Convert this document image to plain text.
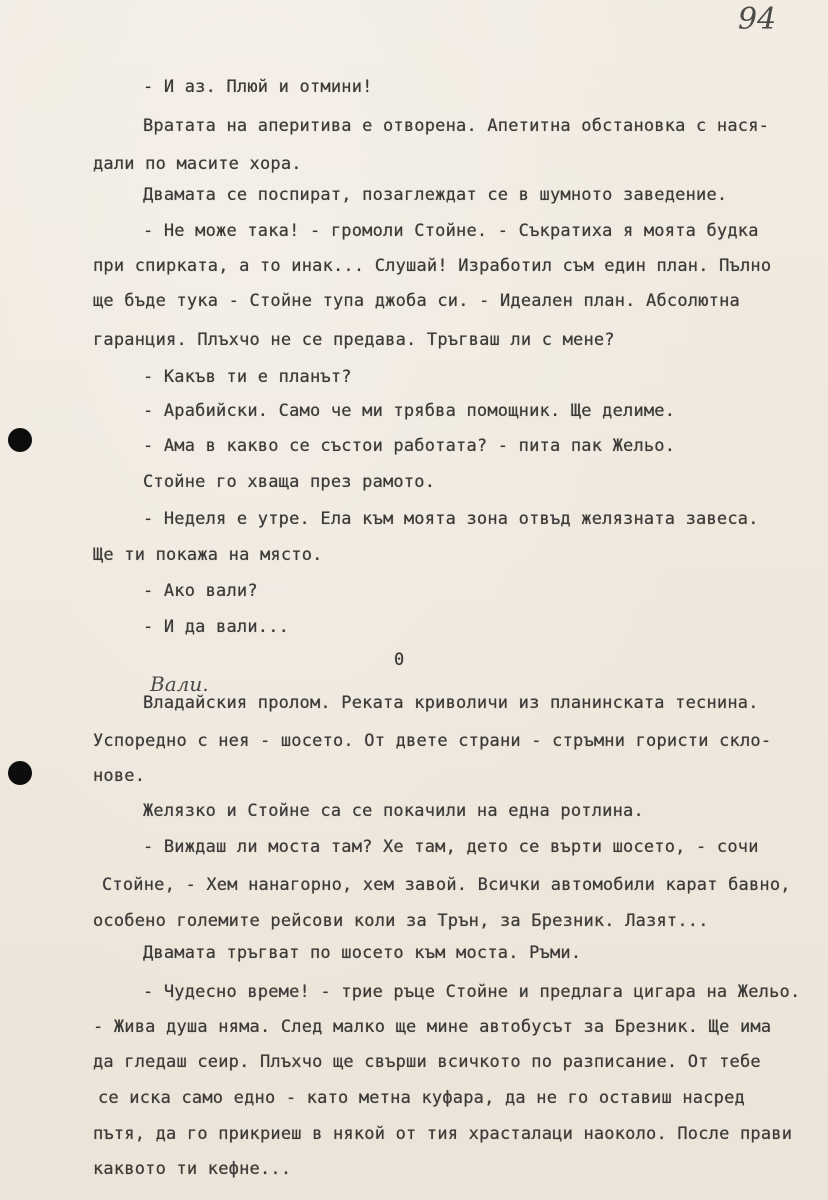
94
- И аз. Плюй и отмини!
Вратата на аперитива е отворена. Апетитна обстановка с нася-
дали по масите хора.
Двамата се поспират, позаглеждат се в шумното заведение.
- Не може така! - громоли Стойне. - Съкратиха я моята будка
при спирката, а то инак... Слушай! Изработил съм един план. Пълно
ще бъде тука - Стойне тупа джоба си. - Идеален план. Абсолютна
гаранция. Плъхчо не се предава. Тръгваш ли с мене?
- Какъв ти е планът?
- Арабийски. Само че ми трябва помощник. Ще делиме.
- Ама в какво се състои работата? - пита пак Жельо.
Стойне го хваща през рамото.
- Неделя е утре. Ела към моята зона отвъд желязната завеса.
Ще ти покажа на място.
- Ако вали?
- И да вали...
0
Вали.
Владайския пролом. Реката криволичи из планинската теснина.
Успоредно с нея - шосето. От двете страни - стръмни гористи скло-
нове.
Желязко и Стойне са се покачили на една ротлина.
- Виждаш ли моста там? Хе там, дето се върти шосето, - сочи
Стойне, - Хем нанагорно, хем завой. Всички автомобили карат бавно,
особено големите рейсови коли за Трън, за Брезник. Лазят...
Двамата тръгват по шосето към моста. Ръми.
- Чудесно време! - трие ръце Стойне и предлага цигара на Жельо.
- Жива душа няма. След малко ще мине автобусът за Брезник. Ще има
да гледаш сеир. Плъхчо ще свърши всичкото по разписание. От тебе
се иска само едно - като метна куфара, да не го оставиш насред
пътя, да го прикриеш в някой от тия храсталаци наоколо. После прави
каквото ти кефне...
